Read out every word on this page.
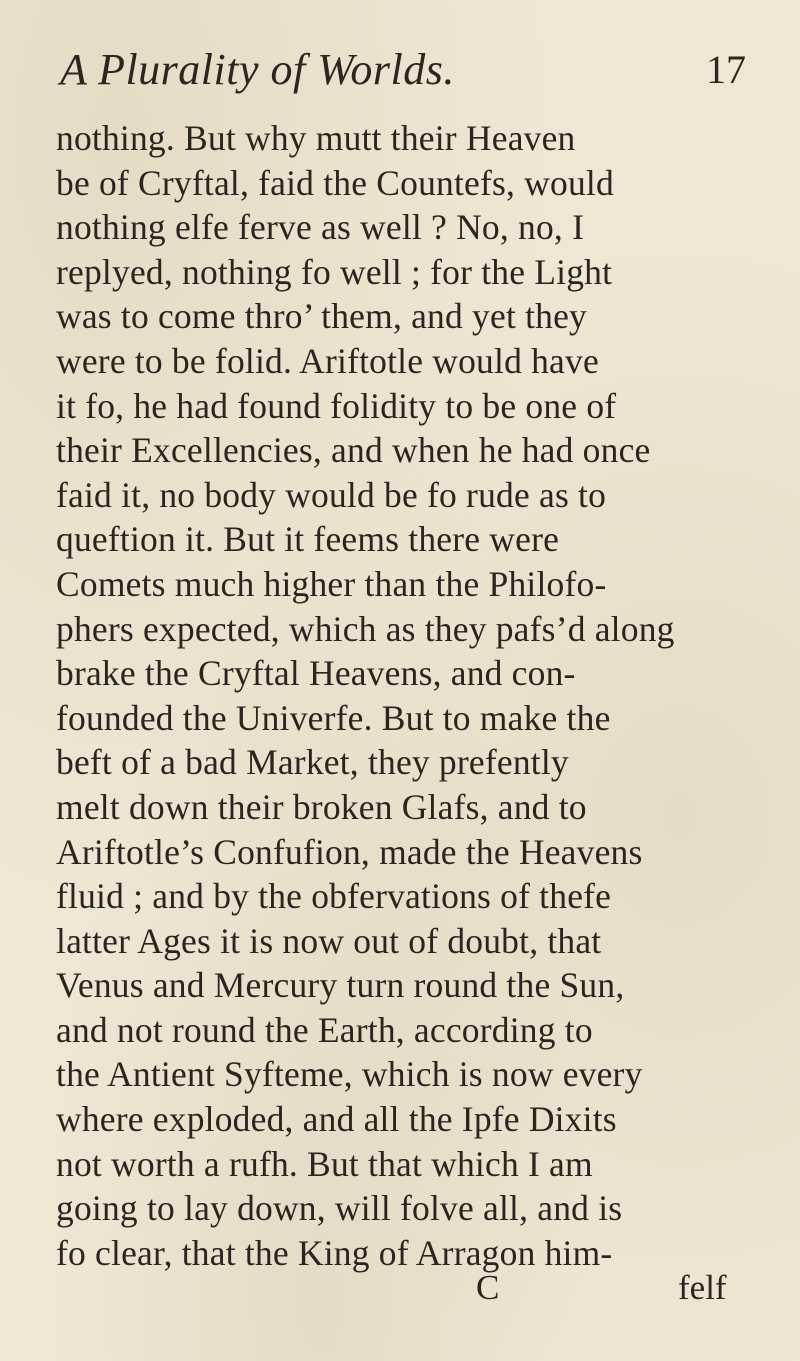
A Plurality of Worlds.	17
nothing. But why mutt their Heaven
be of Cryftal, faid the Countefs, would
nothing elfe ferve as well ? No, no, I
replyed, nothing fo well ; for the Light
was to come thro’ them, and yet they
were to be folid. Ariftotle would have
it fo, he had found folidity to be one of
their Excellencies, and when he had once
faid it, no body would be fo rude as to
queftion it. But it feems there were
Comets much higher than the Philofo-
phers expected, which as they pafs’d along
brake the Cryftal Heavens, and con-
founded the Univerfe. But to make the
beft of a bad Market, they prefently
melt down their broken Glafs, and to
Ariftotle’s Confufion, made the Heavens
fluid ; and by the obfervations of thefe
latter Ages it is now out of doubt, that
Venus and Mercury turn round the Sun,
and not round the Earth, according to
the Antient Syfteme, which is now every
where exploded, and all the Ipfe Dixits
not worth a rufh. But that which I am
going to lay down, will folve all, and is
fo clear, that the King of Arragon him-
C	felf
